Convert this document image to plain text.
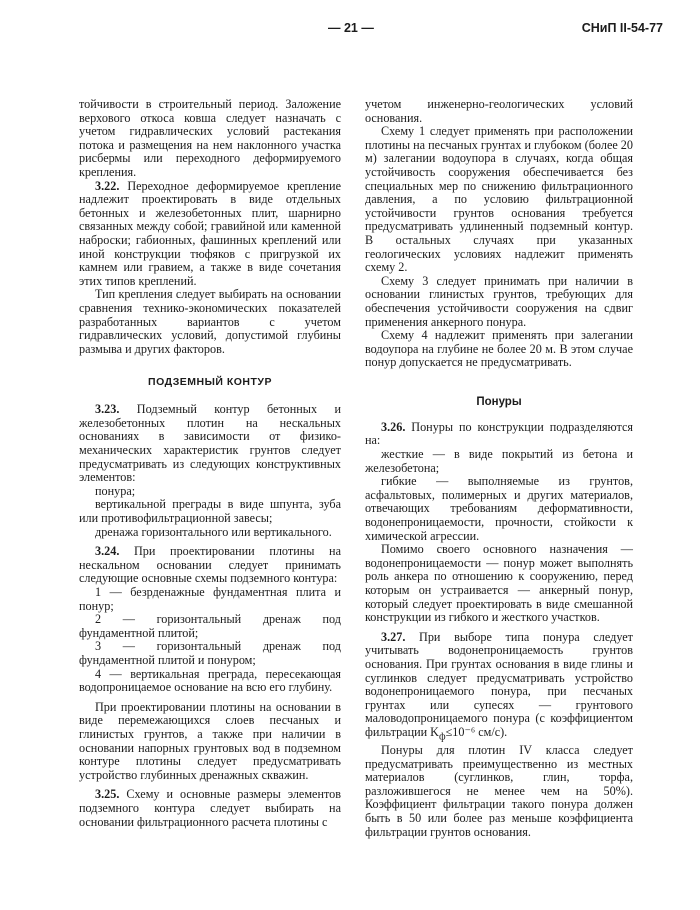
— 21 —	СНиП II-54-77

тойчивости в строительный период. Заложение верхового откоса ковша следует назначать с учетом гидравлических условий растекания потока и размещения на нем наклонного участка рисбермы или переходного деформируемого крепления.

3.22. Переходное деформируемое крепление надлежит проектировать в виде отдельных бетонных и железобетонных плит, шарнирно связанных между собой; гравийной или каменной наброски; габионных, фашинных креплений или иной конструкции тюфяков с пригрузкой их камнем или гравием, а также в виде сочетания этих типов креплений.

Тип крепления следует выбирать на основании сравнения технико-экономических показателей разработанных вариантов с учетом гидравлических условий, допустимой глубины размыва и других факторов.

ПОДЗЕМНЫЙ КОНТУР

3.23. Подземный контур бетонных и железобетонных плотин на нескальных основаниях в зависимости от физико-механических характеристик грунтов следует предусматривать из следующих конструктивных элементов:

понура;

вертикальной преграды в виде шпунта, зуба или противофильтрационной завесы;

дренажа горизонтального или вертикального.

3.24. При проектировании плотины на нескальном основании следует принимать следующие основные схемы подземного контура:

1 — безрденажные фундаментная плита и понур;

2 — горизонтальный дренаж под фундаментной плитой;

3 — горизонтальный дренаж под фундаментной плитой и понуром;

4 — вертикальная преграда, пересекающая водопроницаемое основание на всю его глубину.

При проектировании плотины на основании в виде перемежающихся слоев песчаных и глинистых грунтов, а также при наличии в основании напорных грунтовых вод в подземном контуре плотины следует предусматривать устройство глубинных дренажных скважин.

3.25. Схему и основные размеры элементов подземного контура следует выбирать на основании фильтрационного расчета плотины с

учетом инженерно-геологических условий основания.

Схему 1 следует применять при расположении плотины на песчаных грунтах и глубоком (более 20 м) залегании водоупора в случаях, когда общая устойчивость сооружения обеспечивается без специальных мер по снижению фильтрационного давления, а по условию фильтрационной устойчивости грунтов основания требуется предусматривать удлиненный подземный контур. В остальных случаях при указанных геологических условиях надлежит применять схему 2.

Схему 3 следует принимать при наличии в основании глинистых грунтов, требующих для обеспечения устойчивости сооружения на сдвиг применения анкерного понура.

Схему 4 надлежит применять при залегании водоупора на глубине не более 20 м. В этом случае понур допускается не предусматривать.

Понуры

3.26. Понуры по конструкции подразделяются на:

жесткие — в виде покрытий из бетона и железобетона;

гибкие — выполняемые из грунтов, асфальтовых, полимерных и других материалов, отвечающих требованиям деформативности, водонепроницаемости, прочности, стойкости к химической агрессии.

Помимо своего основного назначения — водонепроницаемости — понур может выполнять роль анкера по отношению к сооружению, перед которым он устраивается — анкерный понур, который следует проектировать в виде смешанной конструкции из гибкого и жесткого участков.

3.27. При выборе типа понура следует учитывать водонепроницаемость грунтов основания. При грунтах основания в виде глины и суглинков следует предусматривать устройство водонепроницаемого понура, при песчаных грунтах или супесях — грунтового маловодопроницаемого понура (с коэффициентом фильтрации $K_ф\le 10^{-6}$ см/с).

Понуры для плотин IV класса следует предусматривать преимущественно из местных материалов (суглинков, глин, торфа, разложившегося не менее чем на 50%). Коэффициент фильтрации такого понура должен быть в 50 или более раз меньше коэффициента фильтрации грунтов основания.
